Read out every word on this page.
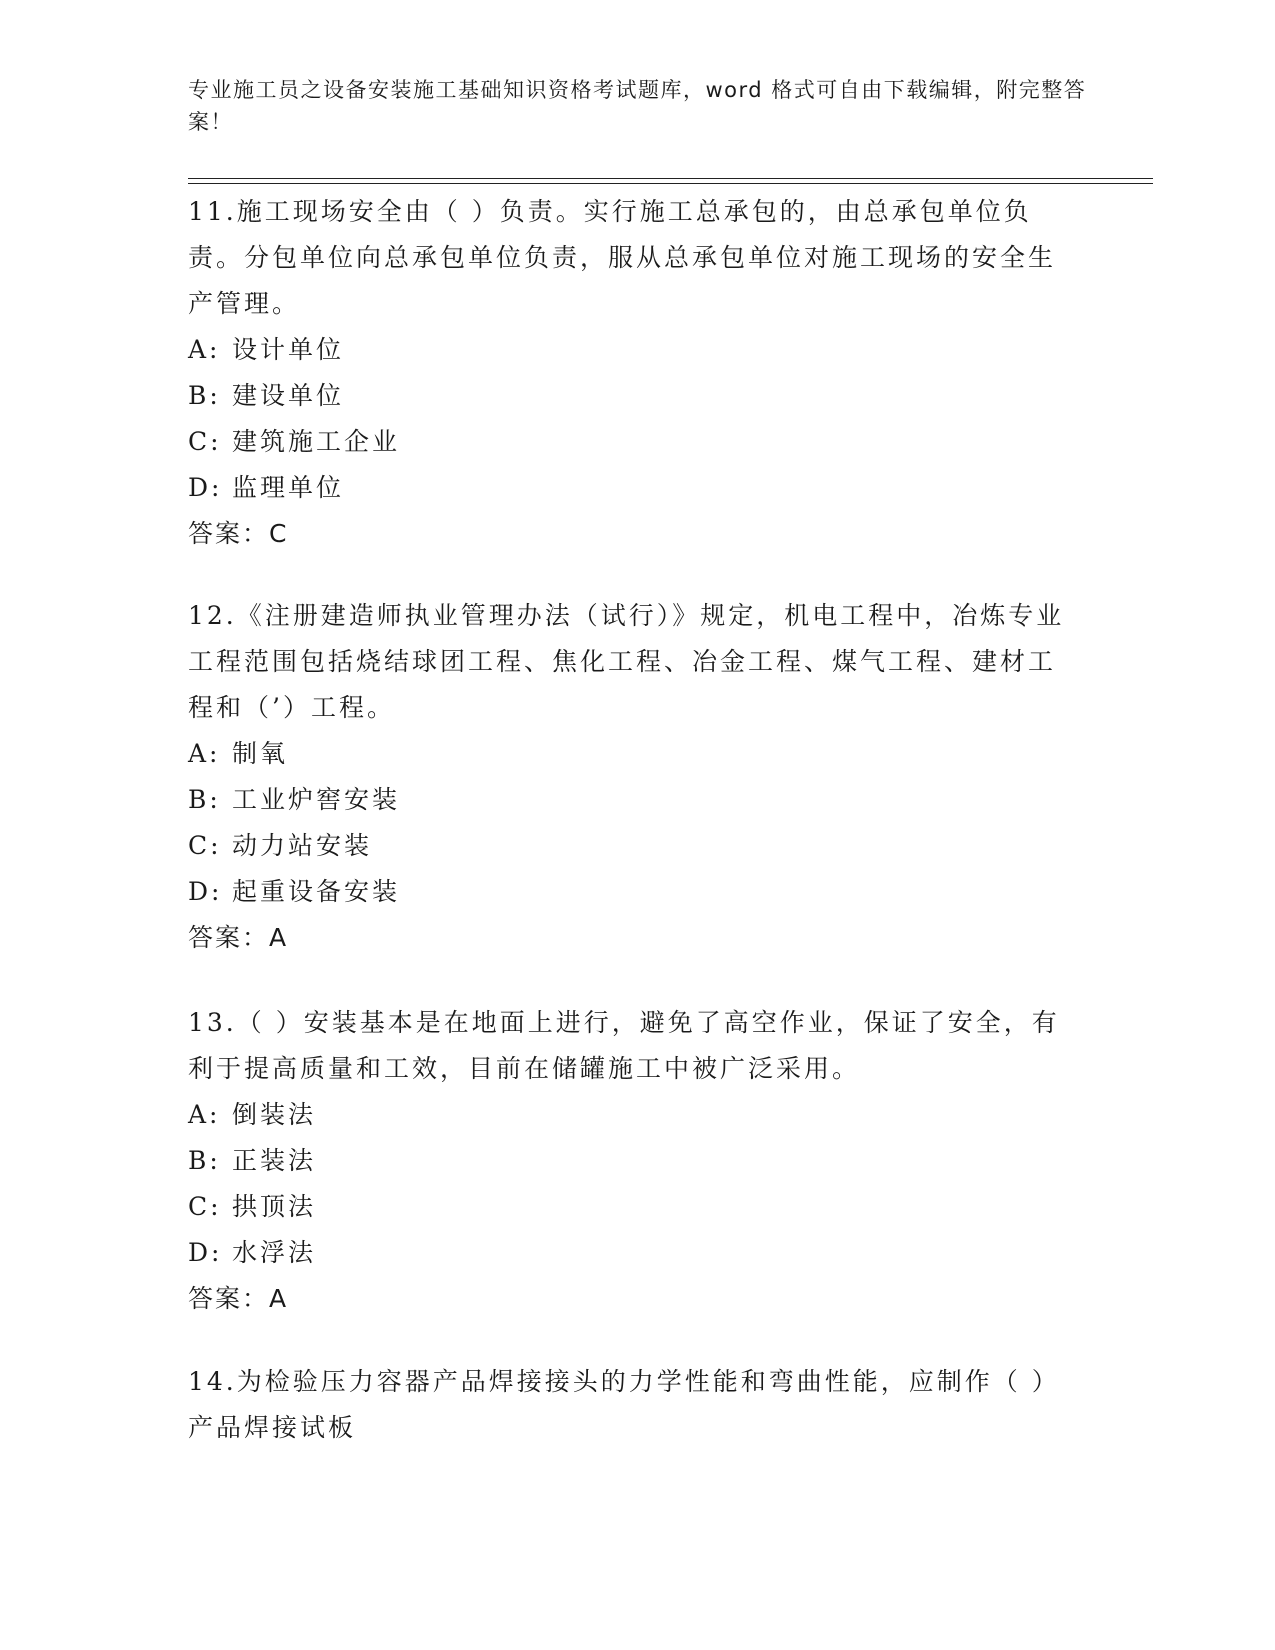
专业施工员之设备安装施工基础知识资格考试题库，word 格式可自由下载编辑，附完整答案！

11.施工现场安全由（ ）负责。实行施工总承包的，由总承包单位负责。分包单位向总承包单位负责，服从总承包单位对施工现场的安全生产管理。

A: 设计单位

B: 建设单位

C: 建筑施工企业

D: 监理单位

答案：C

12.《注册建造师执业管理办法（试行）》规定，机电工程中，冶炼专业工程范围包括烧结球团工程、焦化工程、冶金工程、煤气工程、建材工程和（’）工程。

A: 制氧

B: 工业炉窖安装

C: 动力站安装

D: 起重设备安装

答案：A

13.（ ）安装基本是在地面上进行，避免了高空作业，保证了安全，有利于提高质量和工效，目前在储罐施工中被广泛采用。

A: 倒装法

B: 正装法

C: 拱顶法

D: 水浮法

答案：A

14.为检验压力容器产品焊接接头的力学性能和弯曲性能，应制作（ ）产品焊接试板
